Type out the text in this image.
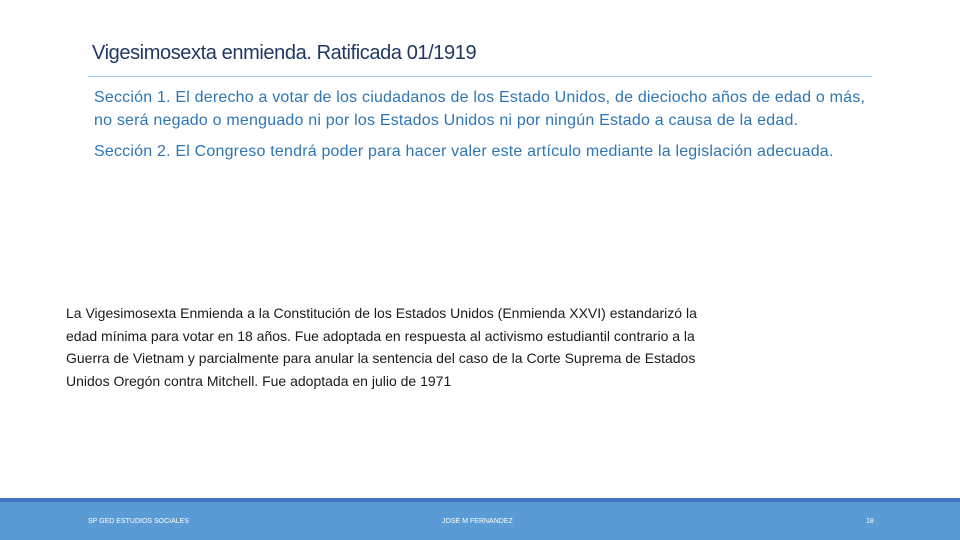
Vigesimosexta enmienda. Ratificada 01/1919

Sección 1. El derecho a votar de los ciudadanos de los Estado Unidos, de dieciocho años de edad o más, no será negado o menguado ni por los Estados Unidos ni por ningún Estado a causa de la edad.

Sección 2. El Congreso tendrá poder para hacer valer este artículo mediante la legislación adecuada.

La Vigesimosexta Enmienda a la Constitución de los Estados Unidos (Enmienda XXVI) estandarizó la edad mínima para votar en 18 años. Fue adoptada en respuesta al activismo estudiantil contrario a la Guerra de Vietnam y parcialmente para anular la sentencia del caso de la Corte Suprema de Estados Unidos Oregón contra Mitchell. Fue adoptada en julio de 1971

SP GED ESTUDIOS SOCIALES	JOSE M FERNANDEZ	18
